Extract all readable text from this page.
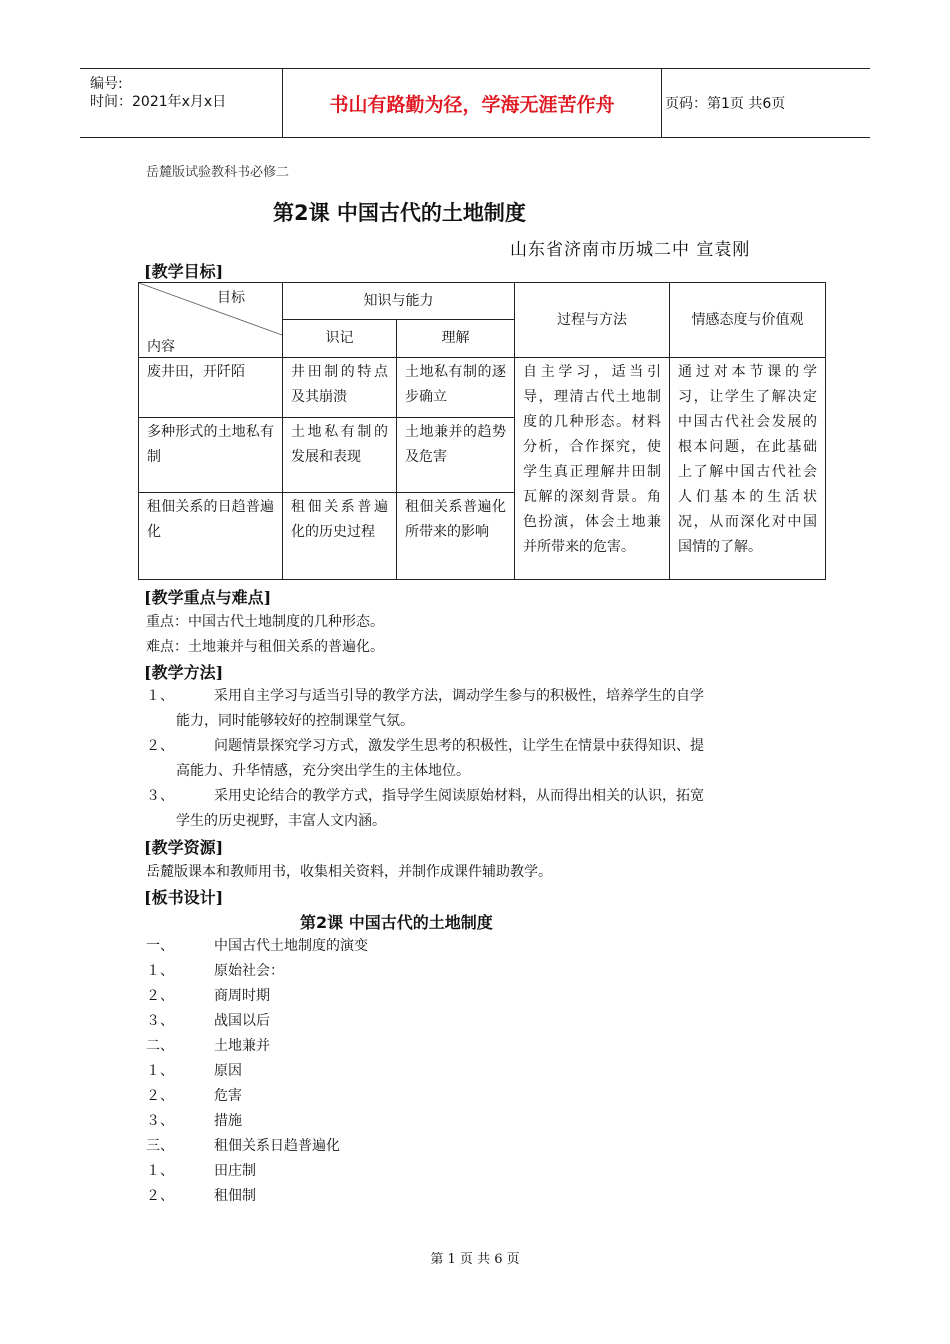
编号:
时间：2021年x月x日	书山有路勤为径，学海无涯苦作舟	页码：第1页 共6页
岳麓版试验教科书必修二
第2课 中国古代的土地制度
山东省济南市历城二中 宣袁刚
[教学目标]
目标
内容	知识与能力		过程与方法	情感态度与价值观
	识记	理解		
废井田，开阡陌	井田制的特点及其崩溃	土地私有制的逐步确立	自主学习，适当引导，理清古代土地制度的几种形态。材料分析，合作探究，使学生真正理解井田制瓦解的深刻背景。角色扮演，体会土地兼并所带来的危害。	通过对本节课的学习，让学生了解决定中国古代社会发展的根本问题，在此基础上了解中国古代社会人们基本的生活状况，从而深化对中国国情的了解。
多种形式的土地私有制	土地私有制的发展和表现	土地兼并的趋势及危害		
租佃关系的日趋普遍化	租佃关系普遍化的历史过程	租佃关系普遍化所带来的影响		
[教学重点与难点]
重点：中国古代土地制度的几种形态。
难点：土地兼并与租佃关系的普遍化。
[教学方法]
１、	采用自主学习与适当引导的教学方法，调动学生参与的积极性，培养学生的自学
能力，同时能够较好的控制课堂气氛。
２、	问题情景探究学习方式，激发学生思考的积极性，让学生在情景中获得知识、提
高能力、升华情感，充分突出学生的主体地位。
３、	采用史论结合的教学方式，指导学生阅读原始材料，从而得出相关的认识，拓宽
学生的历史视野，丰富人文内涵。
[教学资源]
岳麓版课本和教师用书，收集相关资料，并制作成课件辅助教学。
[板书设计]
第2课 中国古代的土地制度
一、	中国古代土地制度的演变
１、	原始社会：
２、	商周时期
３、	战国以后
二、	土地兼并
１、	原因
２、	危害
３、	措施
三、	租佃关系日趋普遍化
１、	田庄制
２、	租佃制
第 1 页 共 6 页
